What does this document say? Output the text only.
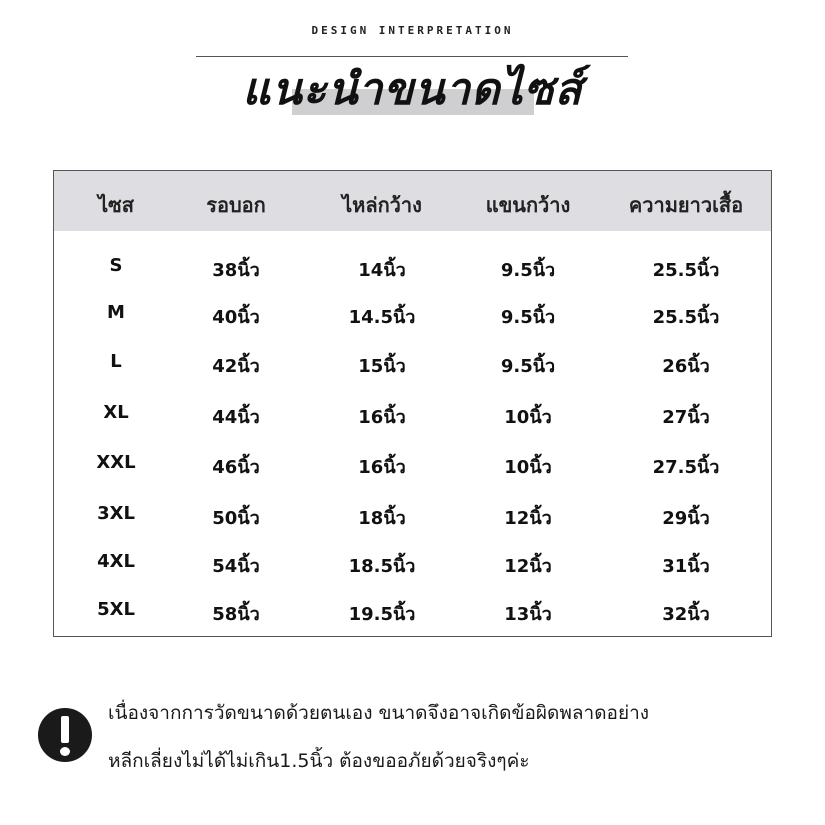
DESIGN INTERPRETATION
แนะนำขนาดไซส์
ไซส	รอบอก	ไหล่กว้าง	แขนกว้าง	ความยาวเสื้อ
S	38นิ้ว	14นิ้ว	9.5นิ้ว	25.5นิ้ว
M	40นิ้ว	14.5นิ้ว	9.5นิ้ว	25.5นิ้ว
L	42นิ้ว	15นิ้ว	9.5นิ้ว	26นิ้ว
XL	44นิ้ว	16นิ้ว	10นิ้ว	27นิ้ว
XXL	46นิ้ว	16นิ้ว	10นิ้ว	27.5นิ้ว
3XL	50นิ้ว	18นิ้ว	12นิ้ว	29นิ้ว
4XL	54นิ้ว	18.5นิ้ว	12นิ้ว	31นิ้ว
5XL	58นิ้ว	19.5นิ้ว	13นิ้ว	32นิ้ว
เนื่องจากการวัดขนาดด้วยตนเอง ขนาดจึงอาจเกิดข้อผิดพลาดอย่าง
หลีกเลี่ยงไม่ได้ไม่เกิน1.5นิ้ว ต้องขออภัยด้วยจริงๆค่ะ
